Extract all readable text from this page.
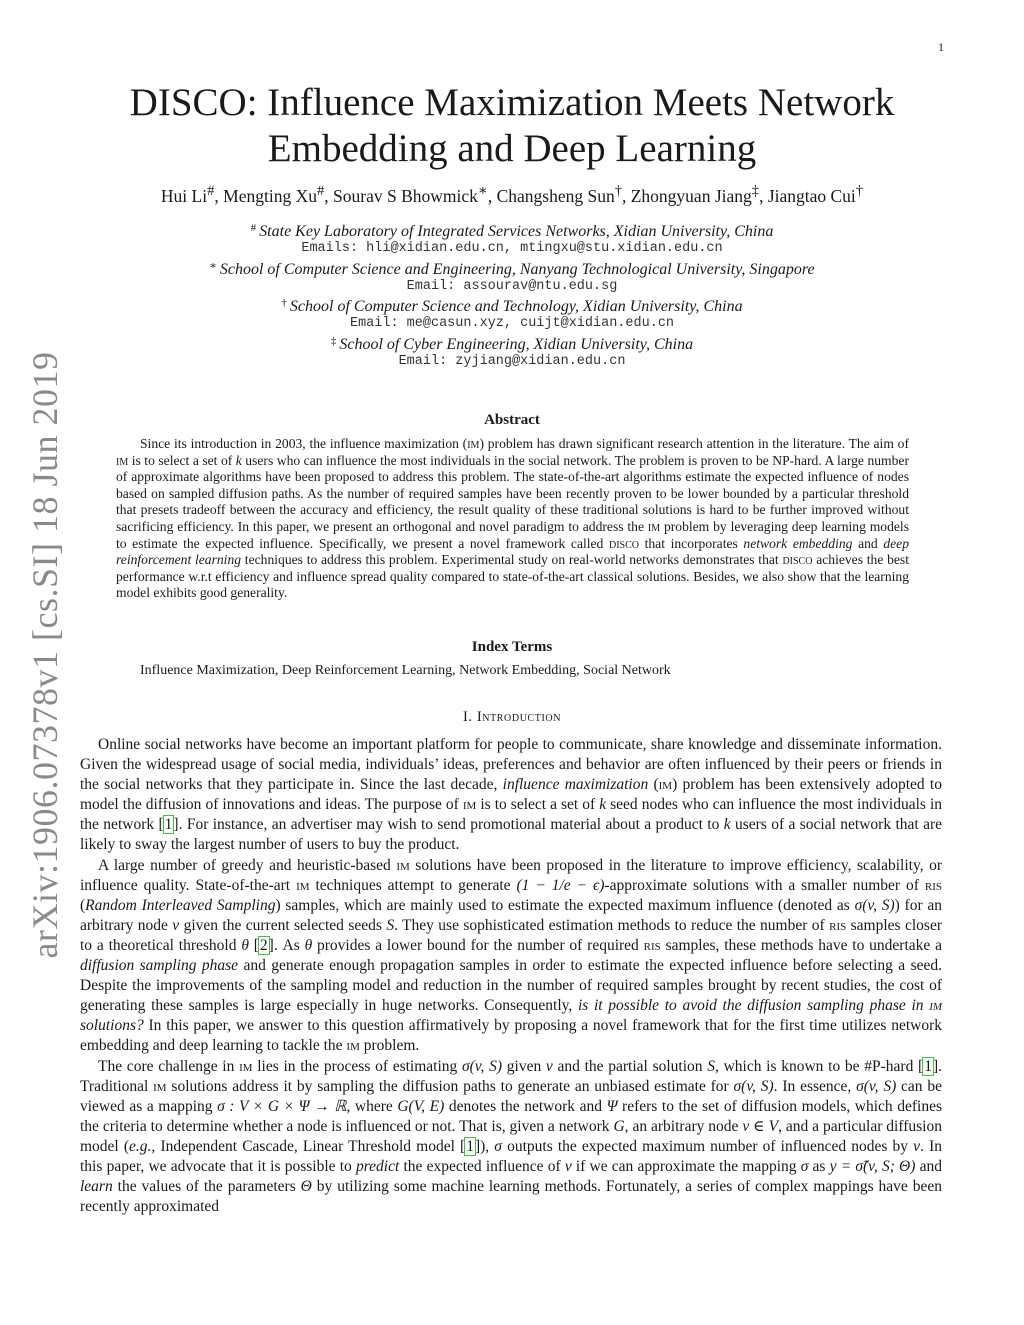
1
arXiv:1906.07378v1 [cs.SI] 18 Jun 2019
DISCO: Influence Maximization Meets Network
Embedding and Deep Learning
Hui Li#, Mengting Xu#, Sourav S Bhowmick∗, Changsheng Sun†, Zhongyuan Jiang‡, Jiangtao Cui†
# State Key Laboratory of Integrated Services Networks, Xidian University, China
Emails: hli@xidian.edu.cn, mtingxu@stu.xidian.edu.cn
∗ School of Computer Science and Engineering, Nanyang Technological University, Singapore
Email: assourav@ntu.edu.sg
† School of Computer Science and Technology, Xidian University, China
Email: me@casun.xyz, cuijt@xidian.edu.cn
‡ School of Cyber Engineering, Xidian University, China
Email: zyjiang@xidian.edu.cn
Abstract

Since its introduction in 2003, the influence maximization (im) problem has drawn significant research attention in the literature. The aim of im is to select a set of k users who can influence the most individuals in the social network. The problem is proven to be NP-hard. A large number of approximate algorithms have been proposed to address this problem. The state-of-the-art algorithms estimate the expected influence of nodes based on sampled diffusion paths. As the number of required samples have been recently proven to be lower bounded by a particular threshold that presets tradeoff between the accuracy and efficiency, the result quality of these traditional solutions is hard to be further improved without sacrificing efficiency. In this paper, we present an orthogonal and novel paradigm to address the im problem by leveraging deep learning models to estimate the expected influence. Specifically, we present a novel framework called disco that incorporates network embedding and deep reinforcement learning techniques to address this problem. Experimental study on real-world networks demonstrates that disco achieves the best performance w.r.t efficiency and influence spread quality compared to state-of-the-art classical solutions. Besides, we also show that the learning model exhibits good generality.

Index Terms
Influence Maximization, Deep Reinforcement Learning, Network Embedding, Social Network
I. Introduction

Online social networks have become an important platform for people to communicate, share knowledge and disseminate information. Given the widespread usage of social media, individuals’ ideas, preferences and behavior are often influenced by their peers or friends in the social networks that they participate in. Since the last decade, influence maximization (im) problem has been extensively adopted to model the diffusion of innovations and ideas. The purpose of im is to select a set of k seed nodes who can influence the most individuals in the network [1]. For instance, an advertiser may wish to send promotional material about a product to k users of a social network that are likely to sway the largest number of users to buy the product.

A large number of greedy and heuristic-based im solutions have been proposed in the literature to improve efficiency, scalability, or influence quality. State-of-the-art im techniques attempt to generate (1 − 1/e − ϵ)-approximate solutions with a smaller number of ris (Random Interleaved Sampling) samples, which are mainly used to estimate the expected maximum influence (denoted as σ(v, S)) for an arbitrary node v given the current selected seeds S. They use sophisticated estimation methods to reduce the number of ris samples closer to a theoretical threshold θ [2]. As θ provides a lower bound for the number of required ris samples, these methods have to undertake a diffusion sampling phase and generate enough propagation samples in order to estimate the expected influence before selecting a seed. Despite the improvements of the sampling model and reduction in the number of required samples brought by recent studies, the cost of generating these samples is large especially in huge networks. Consequently, is it possible to avoid the diffusion sampling phase in im solutions? In this paper, we answer to this question affirmatively by proposing a novel framework that for the first time utilizes network embedding and deep learning to tackle the im problem.

The core challenge in im lies in the process of estimating σ(v, S) given v and the partial solution S, which is known to be #P-hard [1]. Traditional im solutions address it by sampling the diffusion paths to generate an unbiased estimate for σ(v, S). In essence, σ(v, S) can be viewed as a mapping σ : V × G × Ψ → ℝ, where G(V, E) denotes the network and Ψ refers to the set of diffusion models, which defines the criteria to determine whether a node is influenced or not. That is, given a network G, an arbitrary node v ∈ V, and a particular diffusion model (e.g., Independent Cascade, Linear Threshold model [1]), σ outputs the expected maximum number of influenced nodes by v. In this paper, we advocate that it is possible to predict the expected influence of v if we can approximate the mapping σ as y = σ̃(v, S; Θ) and learn the values of the parameters Θ by utilizing some machine learning methods. Fortunately, a series of complex mappings have been recently approximated
